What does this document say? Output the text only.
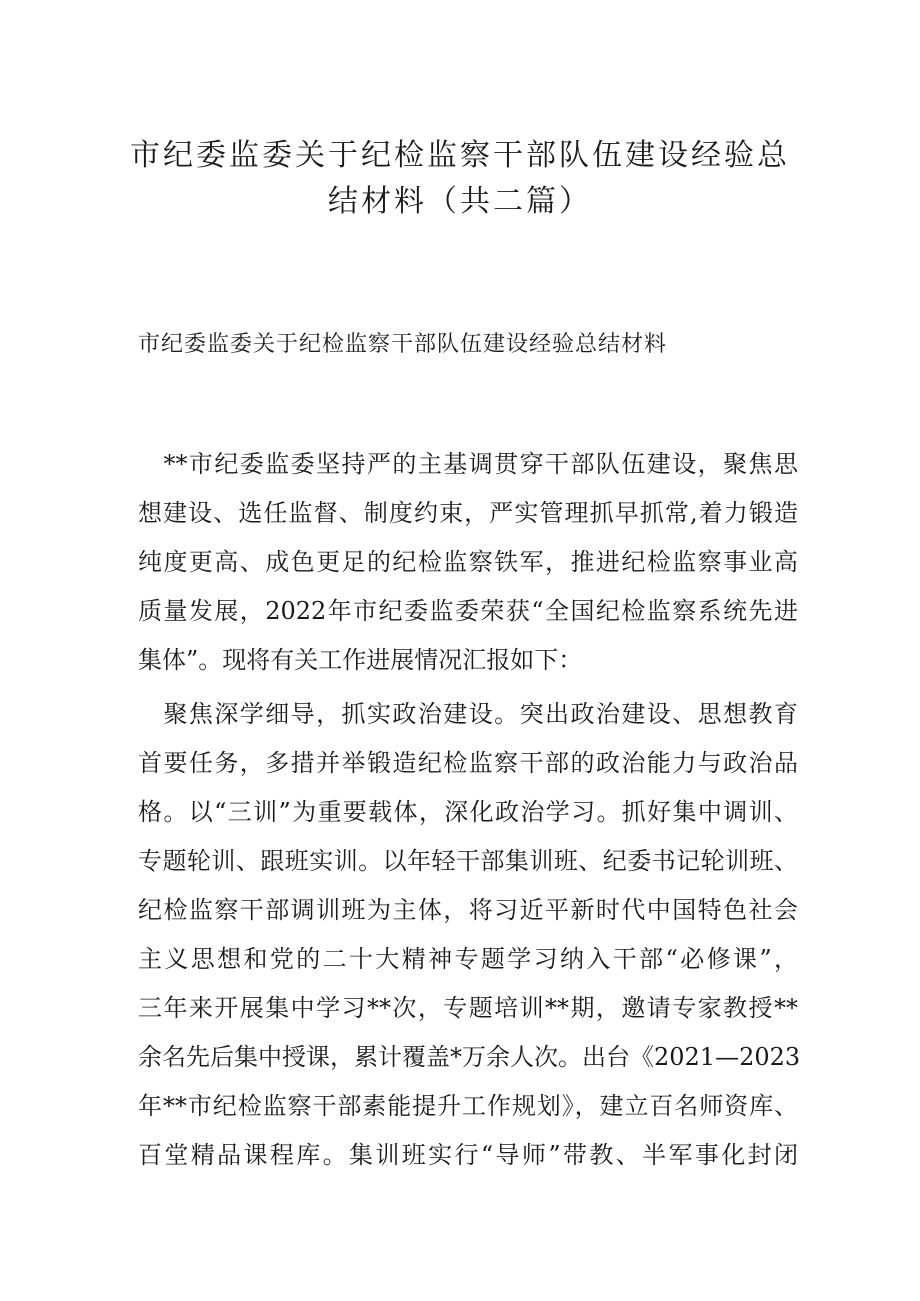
市纪委监委关于纪检监察干部队伍建设经验总
结材料（共二篇）

市纪委监委关于纪检监察干部队伍建设经验总结材料

　**市纪委监委坚持严的主基调贯穿干部队伍建设，聚焦思
想建设、选任监督、制度约束，严实管理抓早抓常,着力锻造
纯度更高、成色更足的纪检监察铁军，推进纪检监察事业高
质量发展，2022年市纪委监委荣获“全国纪检监察系统先进
集体”。现将有关工作进展情况汇报如下：
　聚焦深学细导，抓实政治建设。突出政治建设、思想教育
首要任务，多措并举锻造纪检监察干部的政治能力与政治品
格。以“三训”为重要载体，深化政治学习。抓好集中调训、
专题轮训、跟班实训。以年轻干部集训班、纪委书记轮训班、
纪检监察干部调训班为主体，将习近平新时代中国特色社会
主义思想和党的二十大精神专题学习纳入干部“必修课”，
三年来开展集中学习**次，专题培训**期，邀请专家教授**
余名先后集中授课，累计覆盖*万余人次。出台《2021—2023
年**市纪检监察干部素能提升工作规划》，建立百名师资库、
百堂精品课程库。集训班实行“导师”带教、半军事化封闭
